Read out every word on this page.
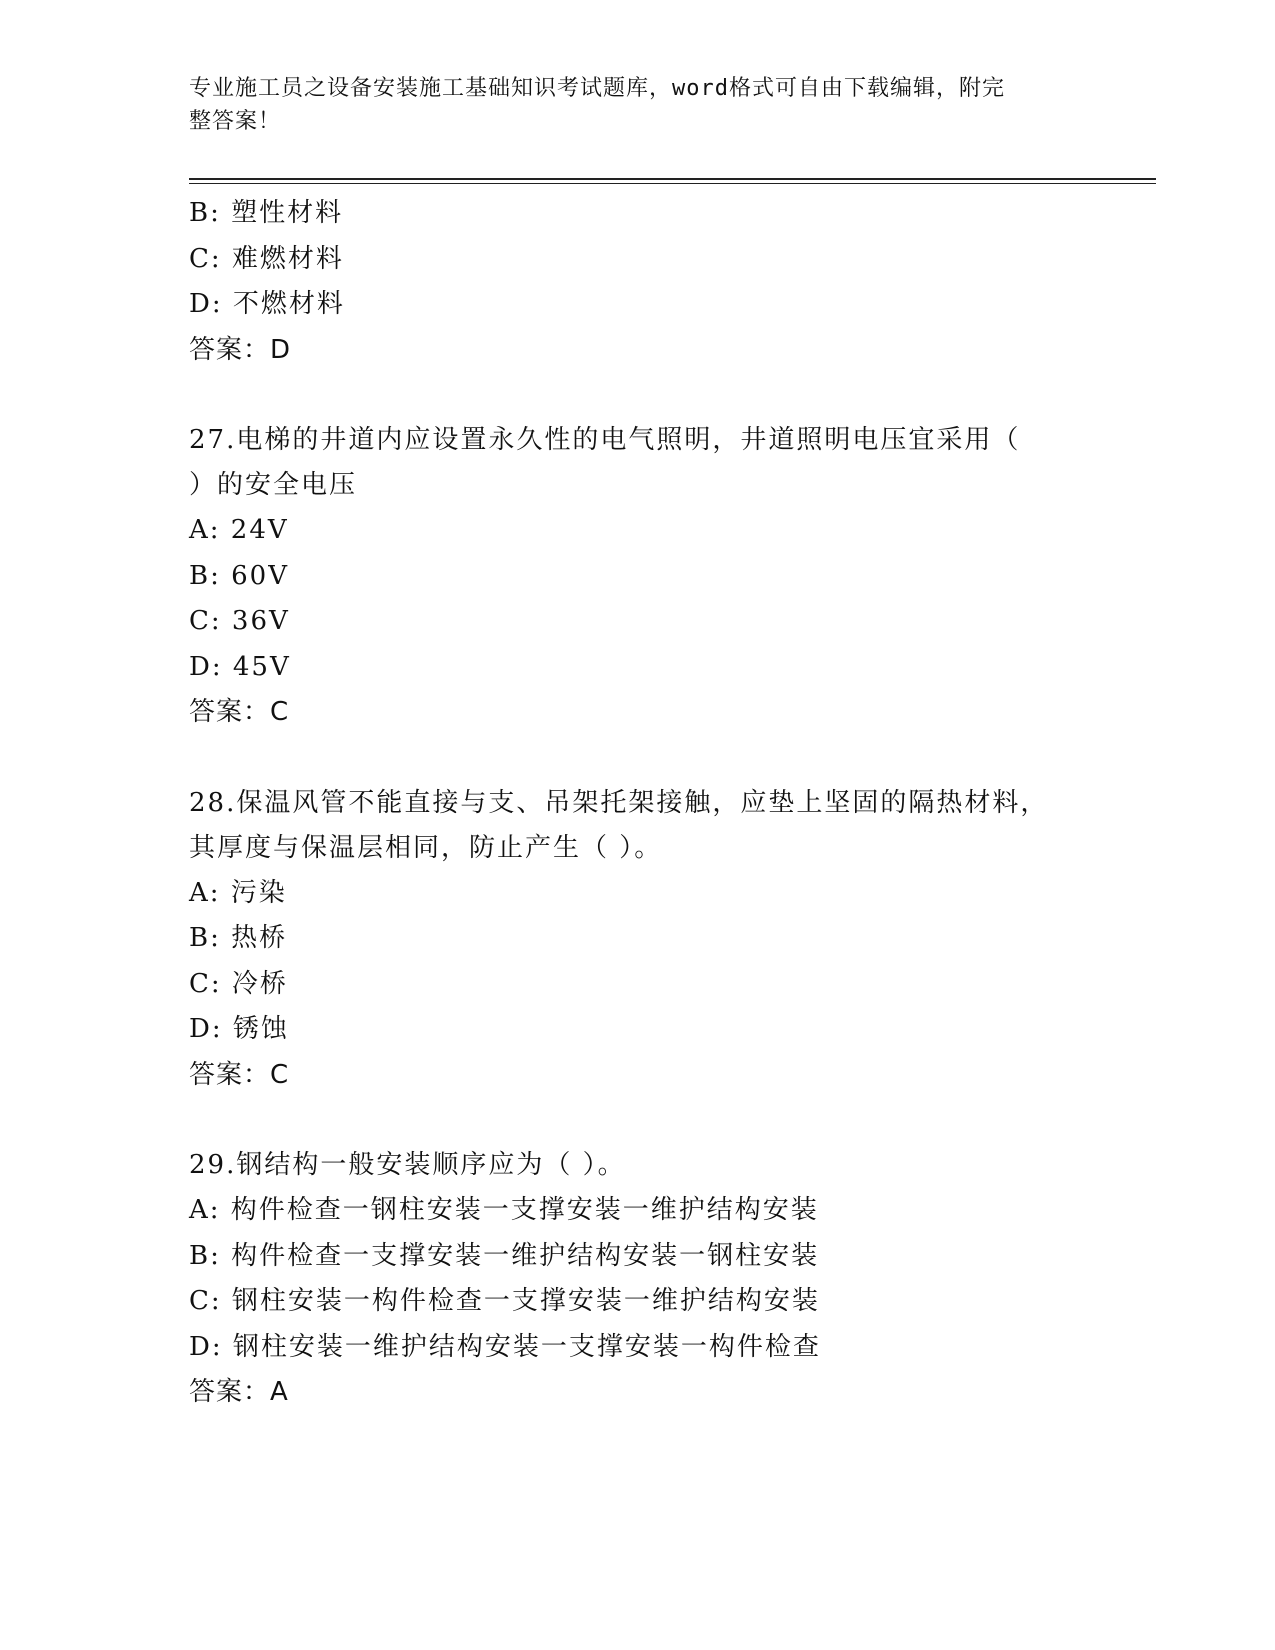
专业施工员之设备安装施工基础知识考试题库，word格式可自由下载编辑，附完
整答案！
B: 塑性材料
C: 难燃材料
D: 不燃材料
答案：D
27.电梯的井道内应设置永久性的电气照明，井道照明电压宜采用（
）的安全电压
A: 24V
B: 60V
C: 36V
D: 45V
答案：C
28.保温风管不能直接与支、吊架托架接触，应垫上坚固的隔热材料，
其厚度与保温层相同，防止产生（ ）。
A: 污染
B: 热桥
C: 冷桥
D: 锈蚀
答案：C
29.钢结构一般安装顺序应为（ ）。
A: 构件检查一钢柱安装一支撑安装一维护结构安装
B: 构件检查一支撑安装一维护结构安装一钢柱安装
C: 钢柱安装一构件检查一支撑安装一维护结构安装
D: 钢柱安装一维护结构安装一支撑安装一构件检查
答案：A
